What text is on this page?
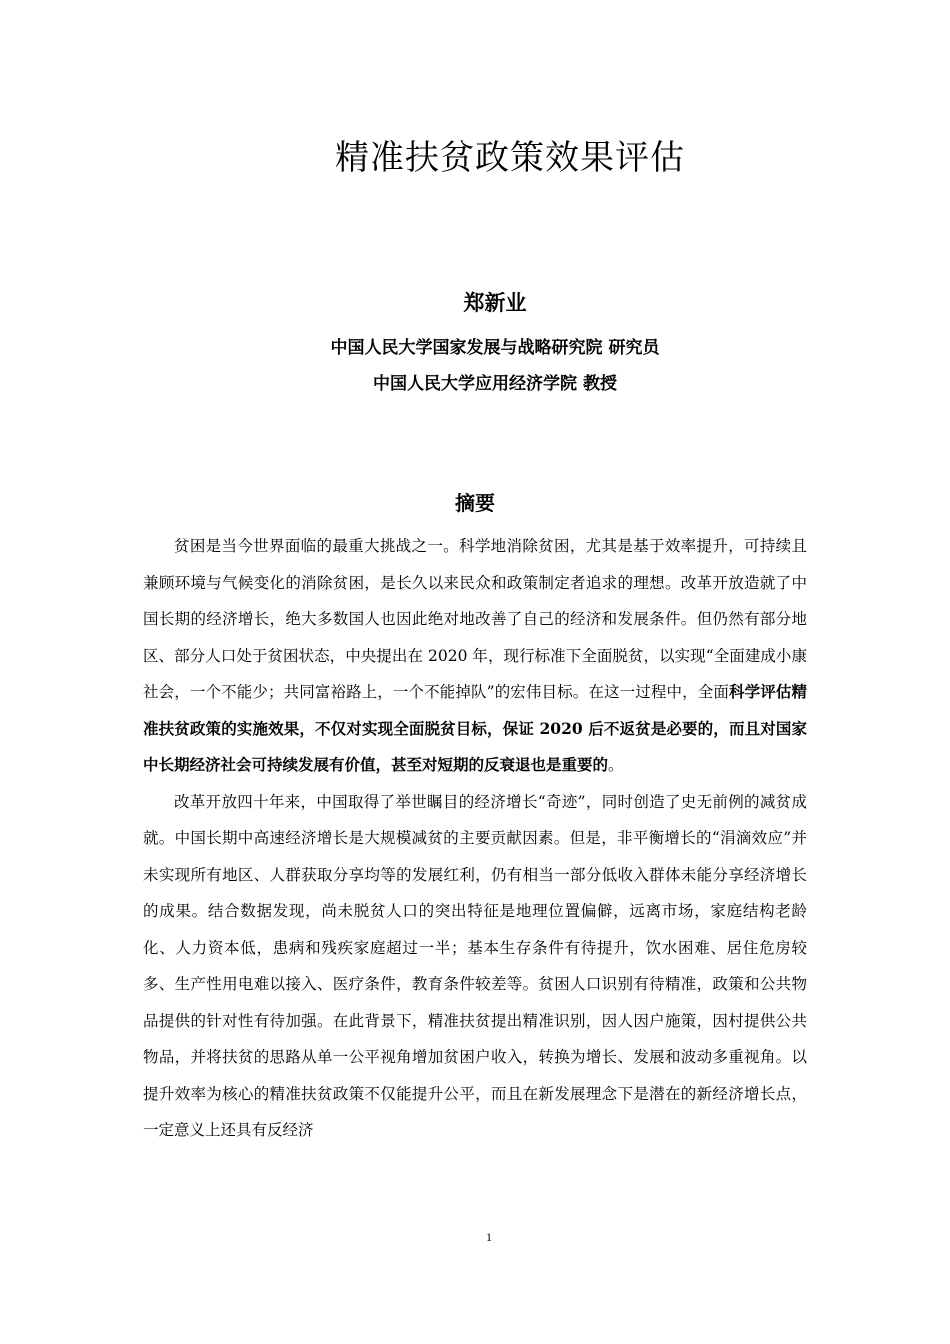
精准扶贫政策效果评估
郑新业
中国人民大学国家发展与战略研究院 研究员
中国人民大学应用经济学院 教授
摘要

贫困是当今世界面临的最重大挑战之一。科学地消除贫困，尤其是基于效率提升，可持续且兼顾环境与气候变化的消除贫困，是长久以来民众和政策制定者追求的理想。改革开放造就了中国长期的经济增长，绝大多数国人也因此绝对地改善了自己的经济和发展条件。但仍然有部分地区、部分人口处于贫困状态，中央提出在 2020 年，现行标准下全面脱贫，以实现“全面建成小康社会，一个不能少；共同富裕路上，一个不能掉队”的宏伟目标。在这一过程中，全面科学评估精准扶贫政策的实施效果，不仅对实现全面脱贫目标，保证 2020 后不返贫是必要的，而且对国家中长期经济社会可持续发展有价值，甚至对短期的反衰退也是重要的。

改革开放四十年来，中国取得了举世瞩目的经济增长“奇迹”，同时创造了史无前例的减贫成就。中国长期中高速经济增长是大规模减贫的主要贡献因素。但是，非平衡增长的“涓滴效应”并未实现所有地区、人群获取分享均等的发展红利，仍有相当一部分低收入群体未能分享经济增长的成果。结合数据发现，尚未脱贫人口的突出特征是地理位置偏僻，远离市场，家庭结构老龄化、人力资本低，患病和残疾家庭超过一半；基本生存条件有待提升，饮水困难、居住危房较多、生产性用电难以接入、医疗条件，教育条件较差等。贫困人口识别有待精准，政策和公共物品提供的针对性有待加强。在此背景下，精准扶贫提出精准识别，因人因户施策，因村提供公共物品，并将扶贫的思路从单一公平视角增加贫困户收入，转换为增长、发展和波动多重视角。以提升效率为核心的精准扶贫政策不仅能提升公平，而且在新发展理念下是潜在的新经济增长点，一定意义上还具有反经济

1
